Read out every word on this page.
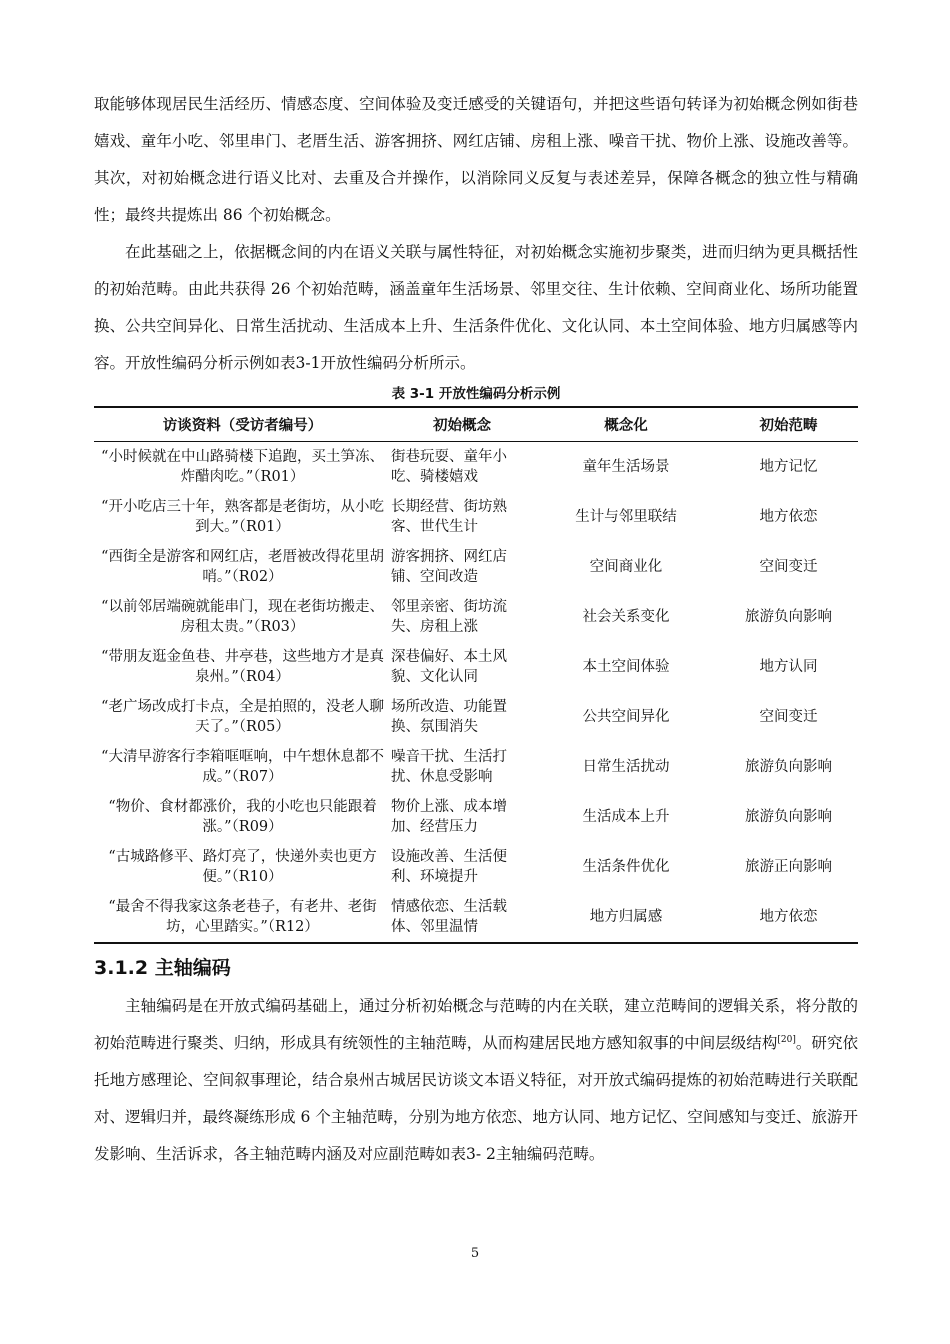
取能够体现居民生活经历、情感态度、空间体验及变迁感受的关键语句，并把这些语句转译为初始概念例如街巷嬉戏、童年小吃、邻里串门、老厝生活、游客拥挤、网红店铺、房租上涨、噪音干扰、物价上涨、设施改善等。其次，对初始概念进行语义比对、去重及合并操作，以消除同义反复与表述差异，保障各概念的独立性与精确性；最终共提炼出 86 个初始概念。

在此基础之上，依据概念间的内在语义关联与属性特征，对初始概念实施初步聚类，进而归纳为更具概括性的初始范畴。由此共获得 26 个初始范畴，涵盖童年生活场景、邻里交往、生计依赖、空间商业化、场所功能置换、公共空间异化、日常生活扰动、生活成本上升、生活条件优化、文化认同、本土空间体验、地方归属感等内容。开放性编码分析示例如表3-1开放性编码分析所示。

表 3-1 开放性编码分析示例
访谈资料（受访者编号）	初始概念	概念化	初始范畴
“小时候就在中山路骑楼下追跑，买土笋冻、炸醋肉吃。”（R01）	街巷玩耍、童年小吃、骑楼嬉戏	童年生活场景	地方记忆
“开小吃店三十年，熟客都是老街坊，从小吃到大。”（R01）	长期经营、街坊熟客、世代生计	生计与邻里联结	地方依恋
“西街全是游客和网红店，老厝被改得花里胡哨。”（R02）	游客拥挤、网红店铺、空间改造	空间商业化	空间变迁
“以前邻居端碗就能串门，现在老街坊搬走、房租太贵。”（R03）	邻里亲密、街坊流失、房租上涨	社会关系变化	旅游负向影响
“带朋友逛金鱼巷、井亭巷，这些地方才是真泉州。”（R04）	深巷偏好、本土风貌、文化认同	本土空间体验	地方认同
“老广场改成打卡点，全是拍照的，没老人聊天了。”（R05）	场所改造、功能置换、氛围消失	公共空间异化	空间变迁
“大清早游客行李箱哐哐响，中午想休息都不成。”（R07）	噪音干扰、生活打扰、休息受影响	日常生活扰动	旅游负向影响
“物价、食材都涨价，我的小吃也只能跟着涨。”（R09）	物价上涨、成本增加、经营压力	生活成本上升	旅游负向影响
“古城路修平、路灯亮了，快递外卖也更方便。”（R10）	设施改善、生活便利、环境提升	生活条件优化	旅游正向影响
“最舍不得我家这条老巷子，有老井、老街坊，心里踏实。”（R12）	情感依恋、生活载体、邻里温情	地方归属感	地方依恋
3.1.2 主轴编码

主轴编码是在开放式编码基础上，通过分析初始概念与范畴的内在关联，建立范畴间的逻辑关系，将分散的初始范畴进行聚类、归纳，形成具有统领性的主轴范畴，从而构建居民地方感知叙事的中间层级结构[20]。研究依托地方感理论、空间叙事理论，结合泉州古城居民访谈文本语义特征，对开放式编码提炼的初始范畴进行关联配对、逻辑归并，最终凝练形成 6 个主轴范畴，分别为地方依恋、地方认同、地方记忆、空间感知与变迁、旅游开发影响、生活诉求，各主轴范畴内涵及对应副范畴如表3- 2主轴编码范畴。

5
